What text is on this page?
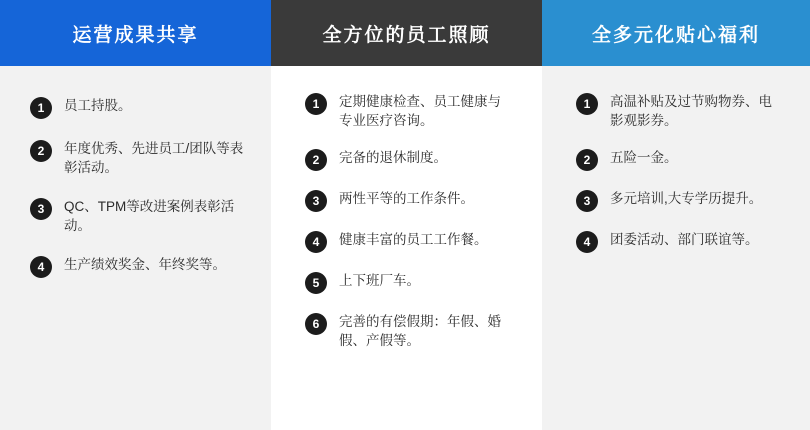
运营成果共享
1	员工持股。
2	年度优秀、先进员工/团队等表彰活动。
3	QC、TPM等改进案例表彰活动。
4	生产绩效奖金、年终奖等。
全方位的员工照顾
1	定期健康检查、员工健康与专业医疗咨询。
2	完备的退休制度。
3	两性平等的工作条件。
4	健康丰富的员工工作餐。
5	上下班厂车。
6	完善的有偿假期：年假、婚假、产假等。
全多元化贴心福利
1	高温补贴及过节购物券、电影观影券。
2	五险一金。
3	多元培训,大专学历提升。
4	团委活动、部门联谊等。
